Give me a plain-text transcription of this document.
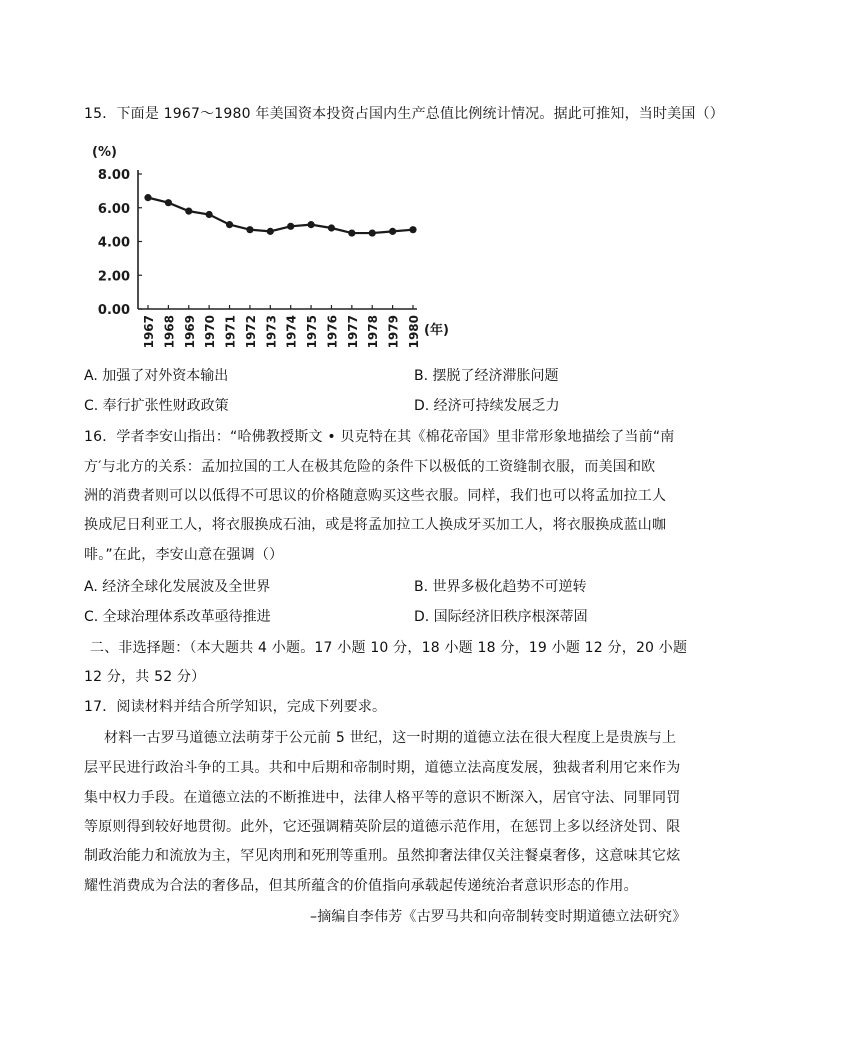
15．下面是 1967～1980 年美国资本投资占国内生产总值比例统计情况。据此可推知，当时美国（）
8.00
6.00
4.00
2.00
0.00
1967 1968 1969 1970 1971 1972 1973 1974 1975 1976 1977 1978 1979 1980
(%)
(年)
A. 加强了对外资本输出	B. 摆脱了经济滞胀问题
C. 奉行扩张性财政政策	D. 经济可持续发展乏力
16．学者李安山指出：“哈佛教授斯文 • 贝克特在其《棉花帝国》里非常形象地描绘了当前“南
方′与北方的关系：孟加拉国的工人在极其危险的条件下以极低的工资缝制衣服，而美国和欧
洲的消费者则可以以低得不可思议的价格随意购买这些衣服。同样，我们也可以将孟加拉工人
换成尼日利亚工人，将衣服换成石油，或是将孟加拉工人换成牙买加工人，将衣服换成蓝山咖
啡。”在此，李安山意在强调（）
A. 经济全球化发展波及全世界	B. 世界多极化趋势不可逆转
C. 全球治理体系改革亟待推进	D. 国际经济旧秩序根深蒂固
二、非选择题：（本大题共 4 小题。17 小题 10 分，18 小题 18 分，19 小题 12 分，20 小题
12 分，共 52 分）
17．阅读材料并结合所学知识，完成下列要求。
材料一古罗马道德立法萌芽于公元前 5 世纪，这一时期的道德立法在很大程度上是贵族与上
层平民进行政治斗争的工具。共和中后期和帝制时期，道德立法高度发展，独裁者利用它来作为
集中权力手段。在道德立法的不断推进中，法律人格平等的意识不断深入，居官守法、同罪同罚
等原则得到较好地贯彻。此外，它还强调精英阶层的道德示范作用，在惩罚上多以经济处罚、限
制政治能力和流放为主，罕见肉刑和死刑等重刑。虽然抑奢法律仅关注餐桌奢侈，这意味其它炫
耀性消费成为合法的奢侈品，但其所蕴含的价值指向承载起传递统治者意识形态的作用。
–摘编自李伟芳《古罗马共和向帝制转变时期道德立法研究》
